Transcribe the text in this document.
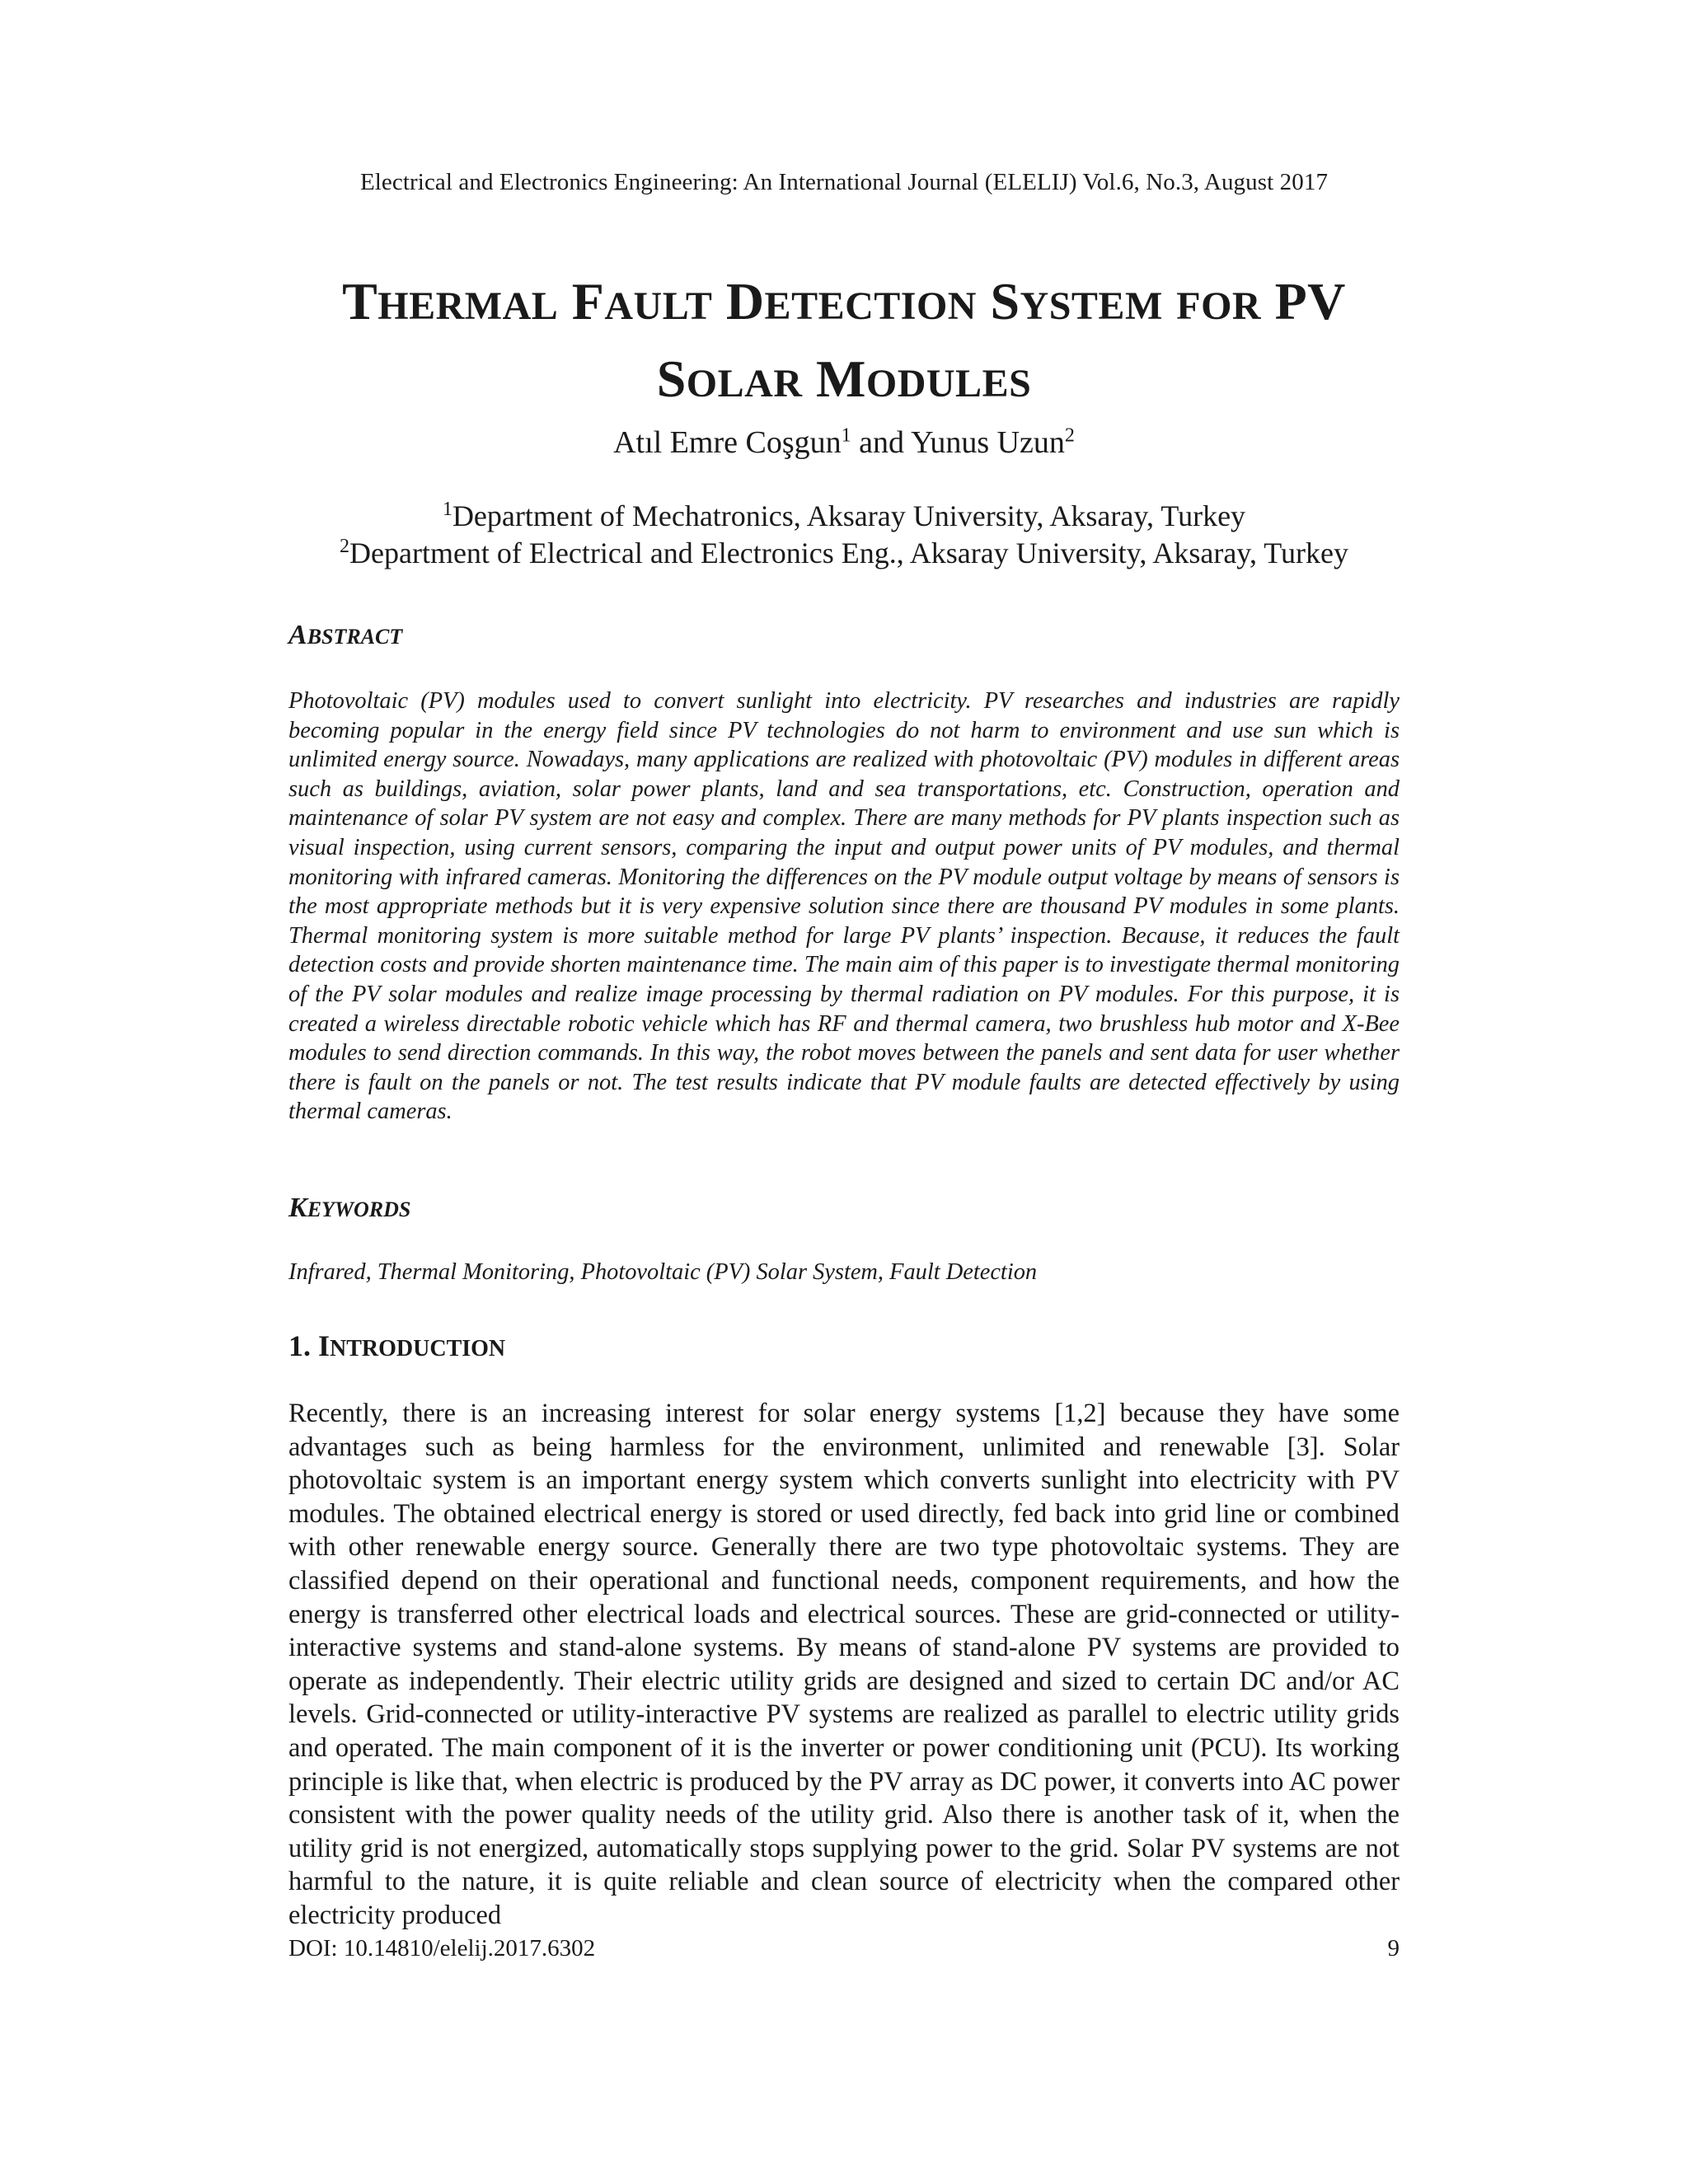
Electrical and Electronics Engineering: An International Journal (ELELIJ) Vol.6, No.3, August 2017
THERMAL FAULT DETECTION SYSTEM FOR PV
SOLAR MODULES
Atıl Emre Coşgun$^1$ and Yunus Uzun$^2$
$^1$Department of Mechatronics, Aksaray University, Aksaray, Turkey
$^2$Department of Electrical and Electronics Eng., Aksaray University, Aksaray, Turkey
ABSTRACT
Photovoltaic (PV) modules used to convert sunlight into electricity. PV researches and industries are rapidly becoming popular in the energy field since PV technologies do not harm to environment and use sun which is unlimited energy source. Nowadays, many applications are realized with photovoltaic (PV) modules in different areas such as buildings, aviation, solar power plants, land and sea transportations, etc. Construction, operation and maintenance of solar PV system are not easy and complex. There are many methods for PV plants inspection such as visual inspection, using current sensors, comparing the input and output power units of PV modules, and thermal monitoring with infrared cameras. Monitoring the differences on the PV module output voltage by means of sensors is the most appropriate methods but it is very expensive solution since there are thousand PV modules in some plants. Thermal monitoring system is more suitable method for large PV plants’ inspection. Because, it reduces the fault detection costs and provide shorten maintenance time. The main aim of this paper is to investigate thermal monitoring of the PV solar modules and realize image processing by thermal radiation on PV modules. For this purpose, it is created a wireless directable robotic vehicle which has RF and thermal camera, two brushless hub motor and X-Bee modules to send direction commands. In this way, the robot moves between the panels and sent data for user whether there is fault on the panels or not. The test results indicate that PV module faults are detected effectively by using thermal cameras.
KEYWORDS
Infrared, Thermal Monitoring, Photovoltaic (PV) Solar System, Fault Detection
1. INTRODUCTION
Recently, there is an increasing interest for solar energy systems [1,2] because they have some advantages such as being harmless for the environment, unlimited and renewable [3]. Solar photovoltaic system is an important energy system which converts sunlight into electricity with PV modules. The obtained electrical energy is stored or used directly, fed back into grid line or combined with other renewable energy source. Generally there are two type photovoltaic systems. They are classified depend on their operational and functional needs, component requirements, and how the energy is transferred other electrical loads and electrical sources. These are grid-connected or utility-interactive systems and stand-alone systems. By means of stand-alone PV systems are provided to operate as independently. Their electric utility grids are designed and sized to certain DC and/or AC levels. Grid-connected or utility-interactive PV systems are realized as parallel to electric utility grids and operated. The main component of it is the inverter or power conditioning unit (PCU). Its working principle is like that, when electric is produced by the PV array as DC power, it converts into AC power consistent with the power quality needs of the utility grid. Also there is another task of it, when the utility grid is not energized, automatically stops supplying power to the grid. Solar PV systems are not harmful to the nature, it is quite reliable and clean source of electricity when the compared other electricity produced
DOI: 10.14810/elelij.2017.6302	9
